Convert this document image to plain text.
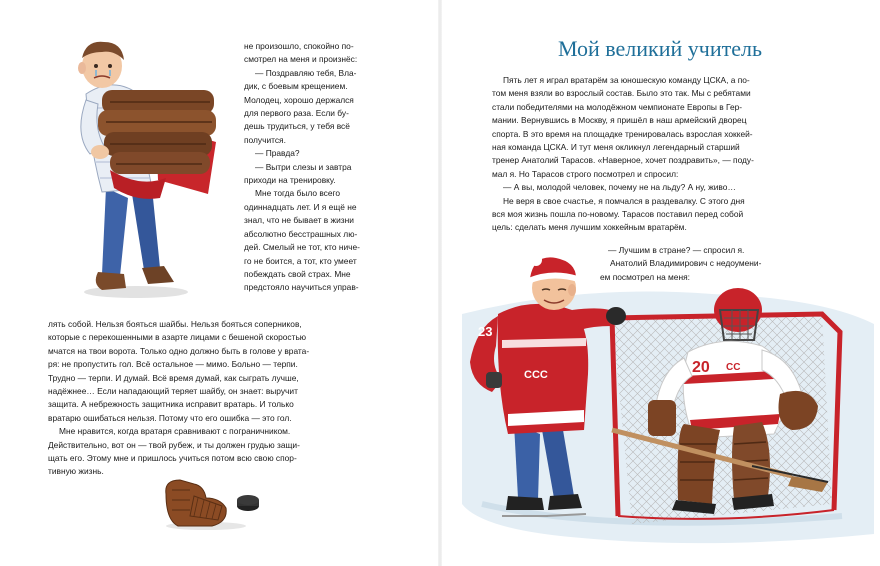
не произошло, спокойно по-

смотрел на меня и произнёс:

— Поздравляю тебя, Вла-

дик, с боевым крещением.

Молодец, хорошо держался

для первого раза. Если бу-

дешь трудиться, у тебя всё

получится.

— Правда?

— Вытри слезы и завтра

приходи на тренировку.

Мне тогда было всего

одиннадцать лет. И я ещё не

знал, что не бывает в жизни

абсолютно бесстрашных лю-

дей. Смелый не тот, кто ниче-

го не боится, а тот, кто умеет

побеждать свой страх. Мне

предстояло научиться управ-

лять собой. Нельзя бояться шайбы. Нельзя бояться соперников,

которые с перекошенными в азарте лицами с бешеной скоростью

мчатся на твои ворота. Только одно должно быть в голове у врата-

ря: не пропустить гол. Всё остальное — мимо. Больно — терпи.

Трудно — терпи. И думай. Всё время думай, как сыграть лучше,

надёжнее… Если нападающий теряет шайбу, он знает: выручит

защита. А небрежность защитника исправит вратарь. И только

вратарю ошибаться нельзя. Потому что его ошибка — это гол.

Мне нравится, когда вратаря сравнивают с пограничником.

Действительно, вот он — твой рубеж, и ты должен грудью защи-

щать его. Этому мне и пришлось учиться потом всю свою спор-

тивную жизнь.

Мой великий учитель

Пять лет я играл вратарём за юношескую команду ЦСКА, а по-

том меня взяли во взрослый состав. Было это так. Мы с ребятами

стали победителями на молодёжном чемпионате Европы в Гер-

мании. Вернувшись в Москву, я пришёл в наш армейский дворец

спорта. В это время на площадке тренировалась взрослая хоккей-

ная команда ЦСКА. И тут меня окликнул легендарный старший

тренер Анатолий Тарасов. «Наверное, хочет поздравить», — поду-

мал я. Но Тарасов строго посмотрел и спросил:

— А вы, молодой человек, почему не на льду? А ну, живо…

Не веря в свое счастье, я помчался в раздевалку. С этого дня

вся моя жизнь пошла по-новому. Тарасов поставил перед собой

цель: сделать меня лучшим хоккейным вратарём.

— Лучшим в стране? — спросил я.

Анатолий Владимирович с недоумени-

ем посмотрел на меня:

23
CCC	20 CC
